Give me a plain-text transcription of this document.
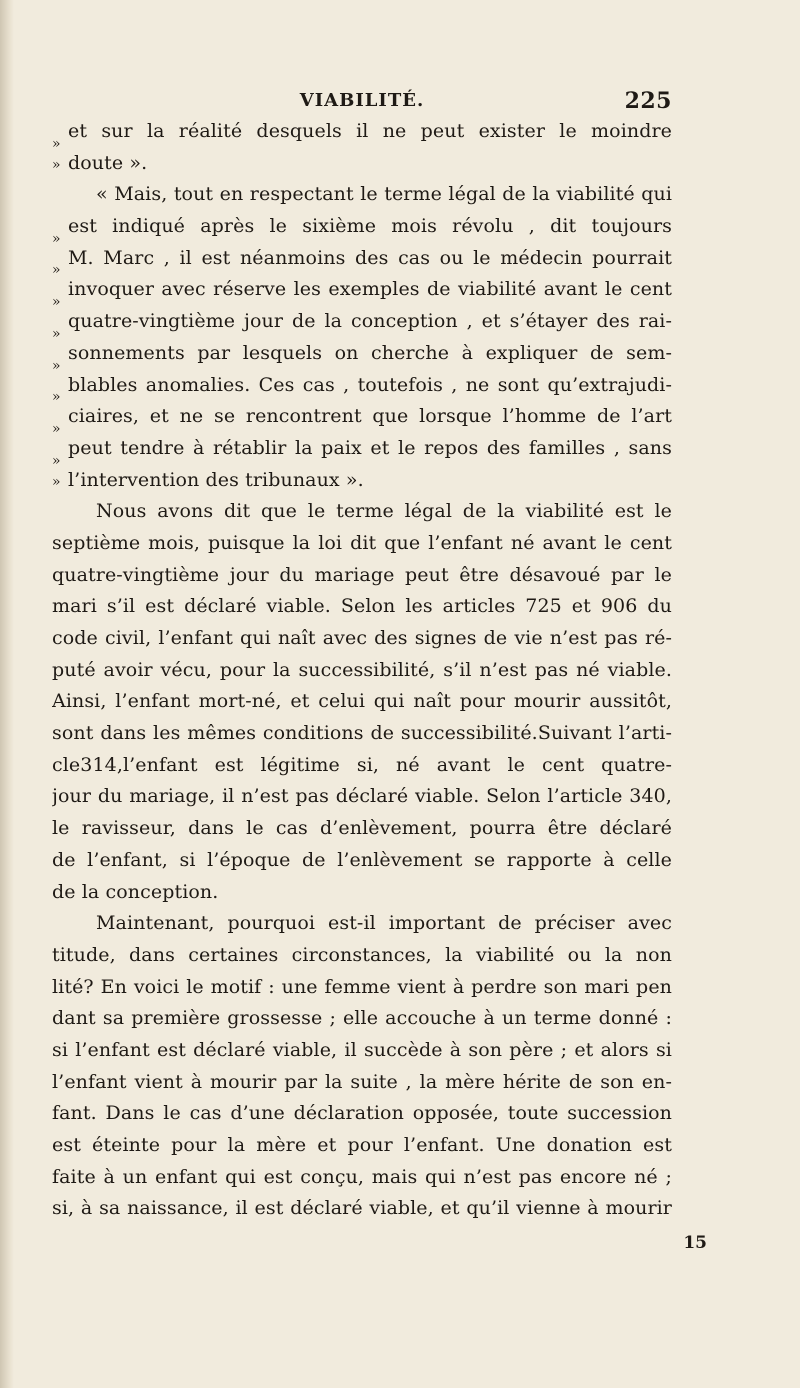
VIABILITÉ.	225
»et sur la réalité desquels il ne peut exister le moindre
» doute ».
« Mais, tout en respectant le terme légal de la viabilité qui
»est indiqué après le sixième mois révolu , dit toujours
»M. Marc , il est néanmoins des cas ou le médecin pourrait
»invoquer avec réserve les exemples de viabilité avant le cent
»quatre-vingtième jour de la conception , et s’étayer des rai-
»sonnements par lesquels on cherche à expliquer de sem-
»blables anomalies. Ces cas , toutefois , ne sont qu’extrajudi-
»ciaires, et ne se rencontrent que lorsque l’homme de l’art
»peut tendre à rétablir la paix et le repos des familles , sans
» l’intervention des tribunaux ».
Nous avons dit que le terme légal de la viabilité est le
septième mois, puisque la loi dit que l’enfant né avant le cent
quatre-vingtième jour du mariage peut être désavoué par le
mari s’il est déclaré viable. Selon les articles 725 et 906 du
code civil, l’enfant qui naît avec des signes de vie n’est pas ré-
puté avoir vécu, pour la successibilité, s’il n’est pas né viable.
Ainsi, l’enfant mort-né, et celui qui naît pour mourir aussitôt,
sont dans les mêmes conditions de successibilité.Suivant l’arti-
cle314,l’enfant est légitime si, né avant le cent quatre-
jour du mariage, il n’est pas déclaré viable. Selon l’article 340,
le ravisseur, dans le cas d’enlèvement, pourra être déclaré
de l’enfant, si l’époque de l’enlèvement se rapporte à celle
de la conception.
Maintenant, pourquoi est-il important de préciser avec
titude, dans certaines circonstances, la viabilité ou la non
lité? En voici le motif : une femme vient à perdre son mari pen
dant sa première grossesse ; elle accouche à un terme donné :
si l’enfant est déclaré viable, il succède à son père ; et alors si
l’enfant vient à mourir par la suite , la mère hérite de son en-
fant. Dans le cas d’une déclaration opposée, toute succession
est éteinte pour la mère et pour l’enfant. Une donation est
faite à un enfant qui est conçu, mais qui n’est pas encore né ;
si, à sa naissance, il est déclaré viable, et qu’il vienne à mourir
15
